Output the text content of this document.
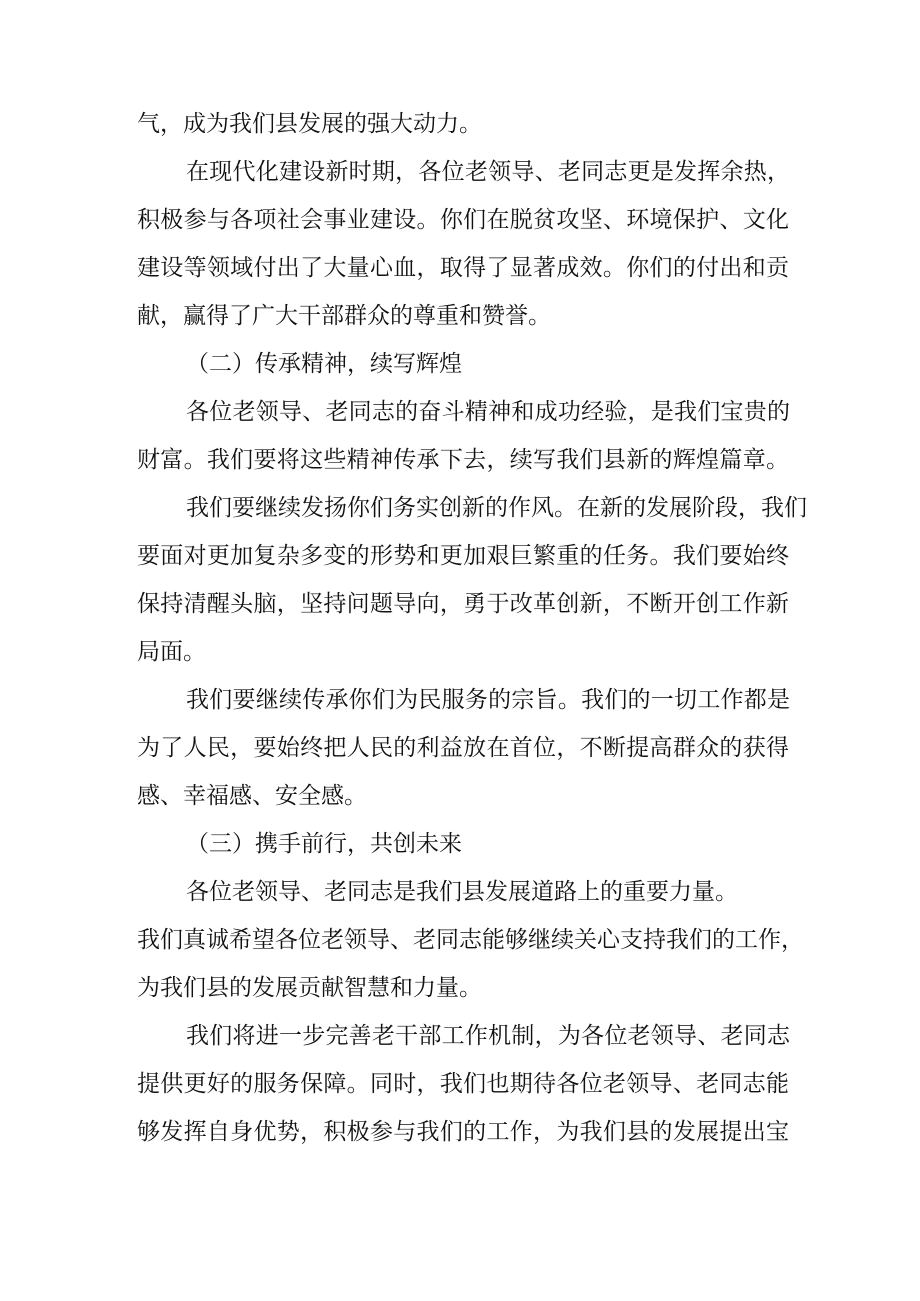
气，成为我们县发展的强大动力。
在现代化建设新时期，各位老领导、老同志更是发挥余热，
积极参与各项社会事业建设。你们在脱贫攻坚、环境保护、文化
建设等领域付出了大量心血，取得了显著成效。你们的付出和贡
献，赢得了广大干部群众的尊重和赞誉。
（二）传承精神，续写辉煌
各位老领导、老同志的奋斗精神和成功经验，是我们宝贵的
财富。我们要将这些精神传承下去，续写我们县新的辉煌篇章。
我们要继续发扬你们务实创新的作风。在新的发展阶段，我们
要面对更加复杂多变的形势和更加艰巨繁重的任务。我们要始终
保持清醒头脑，坚持问题导向，勇于改革创新，不断开创工作新
局面。
我们要继续传承你们为民服务的宗旨。我们的一切工作都是
为了人民，要始终把人民的利益放在首位，不断提高群众的获得
感、幸福感、安全感。
（三）携手前行，共创未来
各位老领导、老同志是我们县发展道路上的重要力量。
我们真诚希望各位老领导、老同志能够继续关心支持我们的工作，
为我们县的发展贡献智慧和力量。
我们将进一步完善老干部工作机制，为各位老领导、老同志
提供更好的服务保障。同时，我们也期待各位老领导、老同志能
够发挥自身优势，积极参与我们的工作，为我们县的发展提出宝
